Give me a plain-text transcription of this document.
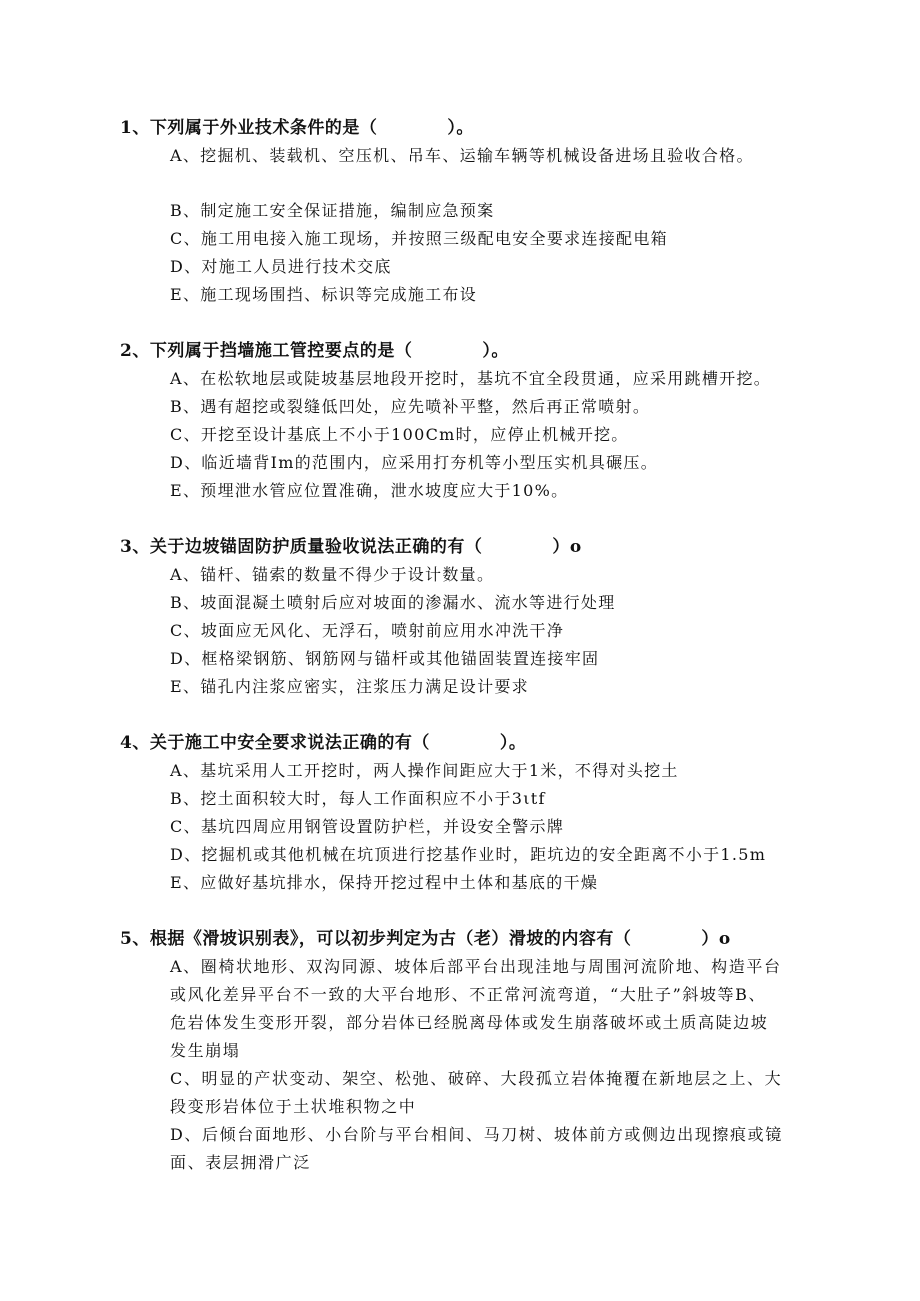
1、下列属于外业技术条件的是（　　　　）。
A、挖掘机、装载机、空压机、吊车、运输车辆等机械设备进场且验收合格。
B、制定施工安全保证措施，编制应急预案
C、施工用电接入施工现场，并按照三级配电安全要求连接配电箱
D、对施工人员进行技术交底
E、施工现场围挡、标识等完成施工布设
2、下列属于挡墙施工管控要点的是（　　　　）。
A、在松软地层或陡坡基层地段开挖时，基坑不宜全段贯通，应采用跳槽开挖。
B、遇有超挖或裂缝低凹处，应先喷补平整，然后再正常喷射。
C、开挖至设计基底上不小于100Cm时，应停止机械开挖。
D、临近墙背Im的范围内，应采用打夯机等小型压实机具碾压。
E、预埋泄水管应位置准确，泄水坡度应大于10%。
3、关于边坡锚固防护质量验收说法正确的有（　　　　）o
A、锚杆、锚索的数量不得少于设计数量。
B、坡面混凝土喷射后应对坡面的渗漏水、流水等进行处理
C、坡面应无风化、无浮石，喷射前应用水冲洗干净
D、框格梁钢筋、钢筋网与锚杆或其他锚固装置连接牢固
E、锚孔内注浆应密实，注浆压力满足设计要求
4、关于施工中安全要求说法正确的有（　　　　）。
A、基坑采用人工开挖时，两人操作间距应大于1米，不得对头挖土
B、挖土面积较大时，每人工作面积应不小于3ιtf
C、基坑四周应用钢管设置防护栏，并设安全警示牌
D、挖掘机或其他机械在坑顶进行挖基作业时，距坑边的安全距离不小于1.5m
E、应做好基坑排水，保持开挖过程中土体和基底的干燥
5、根据《滑坡识别表》，可以初步判定为古（老）滑坡的内容有（　　　　）o
A、圈椅状地形、双沟同源、坡体后部平台出现洼地与周围河流阶地、构造平台
或风化差异平台不一致的大平台地形、不正常河流弯道，“大肚子”斜坡等B、
危岩体发生变形开裂，部分岩体已经脱离母体或发生崩落破坏或土质高陡边坡
发生崩塌
C、明显的产状变动、架空、松弛、破碎、大段孤立岩体掩覆在新地层之上、大
段变形岩体位于土状堆积物之中
D、后倾台面地形、小台阶与平台相间、马刀树、坡体前方或侧边出现擦痕或镜
面、表层拥滑广泛
